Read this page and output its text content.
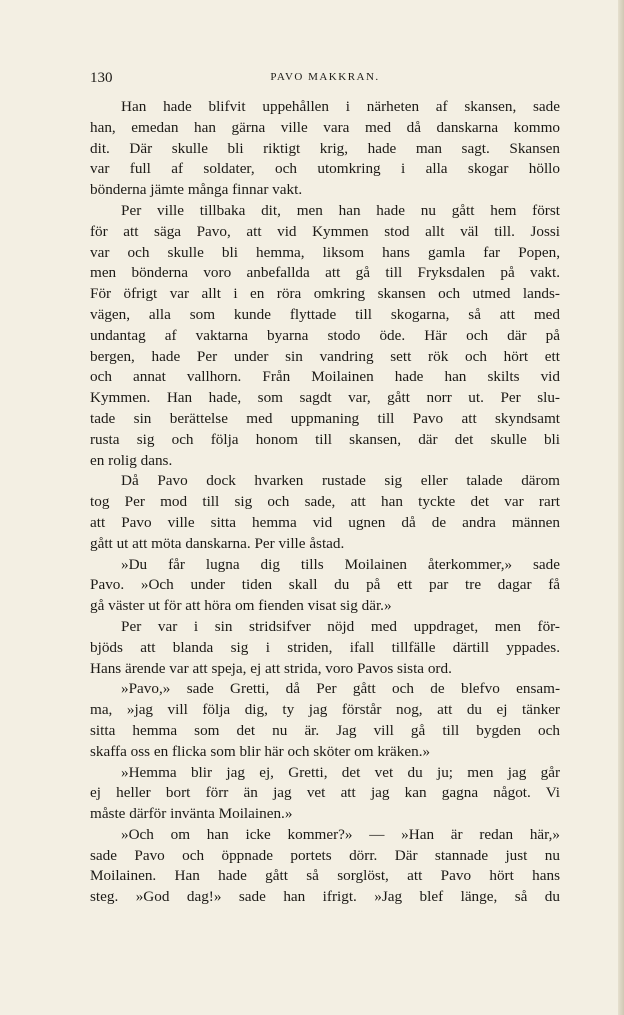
130	PAVO MAKKRAN.
Han hade blifvit uppehållen i närheten af skansen, sade
han, emedan han gärna ville vara med då danskarna kommo
dit. Där skulle bli riktigt krig, hade man sagt. Skansen
var full af soldater, och utomkring i alla skogar höllo
bönderna jämte många finnar vakt.
Per ville tillbaka dit, men han hade nu gått hem först
för att säga Pavo, att vid Kymmen stod allt väl till. Jossi
var och skulle bli hemma, liksom hans gamla far Popen,
men bönderna voro anbefallda att gå till Fryksdalen på vakt.
För öfrigt var allt i en röra omkring skansen och utmed lands-
vägen, alla som kunde flyttade till skogarna, så att med
undantag af vaktarna byarna stodo öde. Här och där på
bergen, hade Per under sin vandring sett rök och hört ett
och annat vallhorn. Från Moilainen hade han skilts vid
Kymmen. Han hade, som sagdt var, gått norr ut. Per slu-
tade sin berättelse med uppmaning till Pavo att skyndsamt
rusta sig och följa honom till skansen, där det skulle bli
en rolig dans.
Då Pavo dock hvarken rustade sig eller talade därom
tog Per mod till sig och sade, att han tyckte det var rart
att Pavo ville sitta hemma vid ugnen då de andra männen
gått ut att möta danskarna. Per ville åstad.
»Du får lugna dig tills Moilainen återkommer,» sade
Pavo. »Och under tiden skall du på ett par tre dagar få
gå väster ut för att höra om fienden visat sig där.»
Per var i sin stridsifver nöjd med uppdraget, men för-
bjöds att blanda sig i striden, ifall tillfälle därtill yppades.
Hans ärende var att speja, ej att strida, voro Pavos sista ord.
»Pavo,» sade Gretti, då Per gått och de blefvo ensam-
ma, »jag vill följa dig, ty jag förstår nog, att du ej tänker
sitta hemma som det nu är. Jag vill gå till bygden och
skaffa oss en flicka som blir här och sköter om kräken.»
»Hemma blir jag ej, Gretti, det vet du ju; men jag går
ej heller bort förr än jag vet att jag kan gagna något. Vi
måste därför invänta Moilainen.»
»Och om han icke kommer?» — »Han är redan här,»
sade Pavo och öppnade portets dörr. Där stannade just nu
Moilainen. Han hade gått så sorglöst, att Pavo hört hans
steg. »God dag!» sade han ifrigt. »Jag blef länge, så du
